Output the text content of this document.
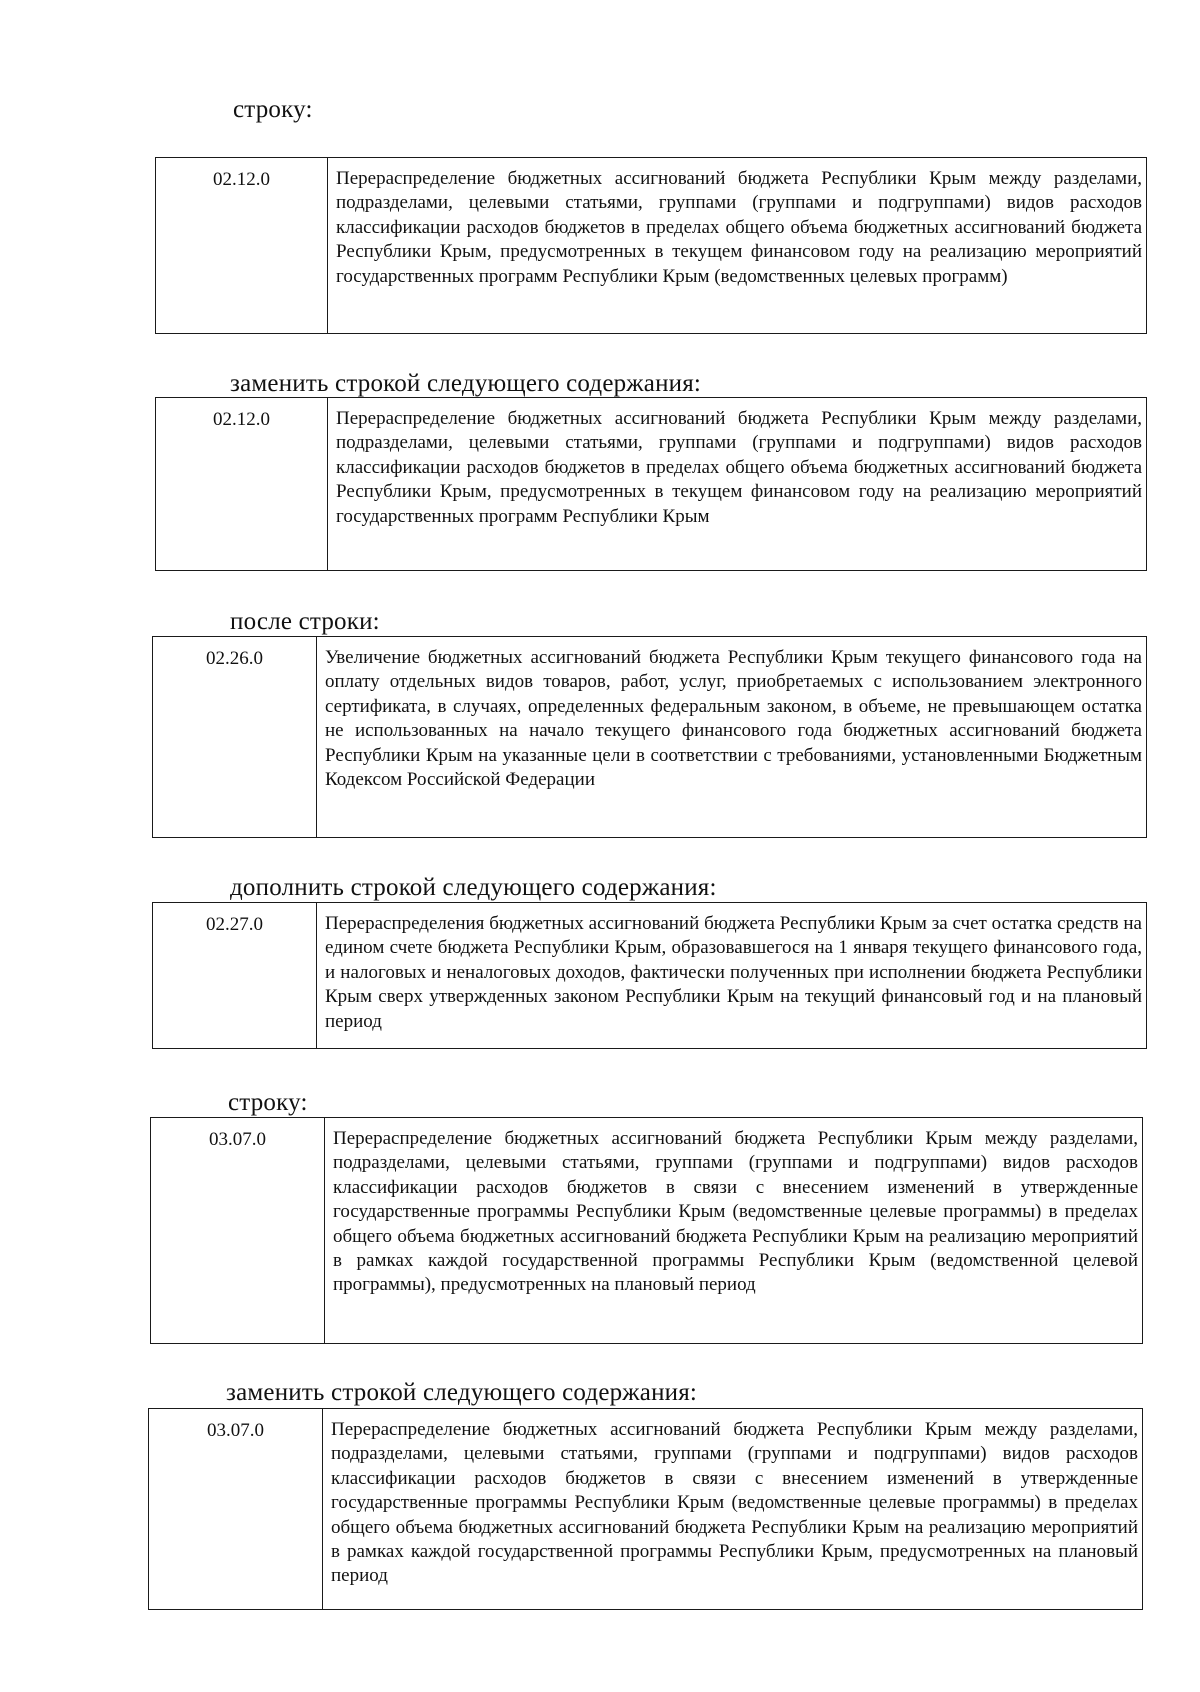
строку:
02.12.0	Перераспределение бюджетных ассигнований бюджета Республики Крым между разделами, подразделами, целевыми статьями, группами (группами и подгруппами) видов расходов классификации расходов бюджетов в пределах общего объема бюджетных ассигнований бюджета Республики Крым, предусмотренных в текущем финансовом году на реализацию мероприятий государственных программ Республики Крым (ведомственных целевых программ)
заменить строкой следующего содержания:
02.12.0	Перераспределение бюджетных ассигнований бюджета Республики Крым между разделами, подразделами, целевыми статьями, группами (группами и подгруппами) видов расходов классификации расходов бюджетов в пределах общего объема бюджетных ассигнований бюджета Республики Крым, предусмотренных в текущем финансовом году на реализацию мероприятий государственных программ Республики Крым
после строки:
02.26.0	Увеличение бюджетных ассигнований бюджета Республики Крым текущего финансового года на оплату отдельных видов товаров, работ, услуг, приобретаемых с использованием электронного сертификата, в случаях, определенных федеральным законом, в объеме, не превышающем остатка не использованных на начало текущего финансового года бюджетных ассигнований бюджета Республики Крым на указанные цели в соответствии с требованиями, установленными Бюджетным Кодексом Российской Федерации
дополнить строкой следующего содержания:
02.27.0	Перераспределения бюджетных ассигнований бюджета Республики Крым за счет остатка средств на едином счете бюджета Республики Крым, образовавшегося на 1 января текущего финансового года, и налоговых и неналоговых доходов, фактически полученных при исполнении бюджета Республики Крым сверх утвержденных законом Республики Крым на текущий финансовый год и на плановый период
строку:
03.07.0	Перераспределение бюджетных ассигнований бюджета Республики Крым между разделами, подразделами, целевыми статьями, группами (группами и подгруппами) видов расходов классификации расходов бюджетов в связи с внесением изменений в утвержденные государственные программы Республики Крым (ведомственные целевые программы) в пределах общего объема бюджетных ассигнований бюджета Республики Крым на реализацию мероприятий в рамках каждой государственной программы Республики Крым (ведомственной целевой программы), предусмотренных на плановый период
заменить строкой следующего содержания:
03.07.0	Перераспределение бюджетных ассигнований бюджета Республики Крым между разделами, подразделами, целевыми статьями, группами (группами и подгруппами) видов расходов классификации расходов бюджетов в связи с внесением изменений в утвержденные государственные программы Республики Крым (ведомственные целевые программы) в пределах общего объема бюджетных ассигнований бюджета Республики Крым на реализацию мероприятий в рамках каждой государственной программы Республики Крым, предусмотренных на плановый период
